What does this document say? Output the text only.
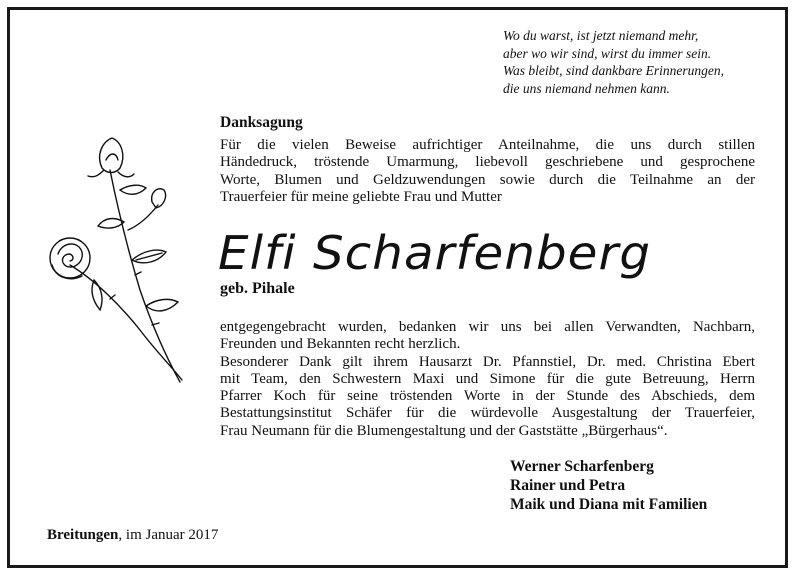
Wo du warst, ist jetzt niemand mehr,
aber wo wir sind, wirst du immer sein.
Was bleibt, sind dankbare Erinnerungen,
die uns niemand nehmen kann.
Danksagung
Für die vielen Beweise aufrichtiger Anteilnahme, die uns durch stillen
Händedruck, tröstende Umarmung, liebevoll geschriebene und gesprochene
Worte, Blumen und Geldzuwendungen sowie durch die Teilnahme an der
Trauerfeier für meine geliebte Frau und Mutter
Elfi Scharfenberg
geb. Pihale
entgegengebracht wurden, bedanken wir uns bei allen Verwandten, Nachbarn,
Freunden und Bekannten recht herzlich.
Besonderer Dank gilt ihrem Hausarzt Dr. Pfannstiel, Dr. med. Christina Ebert
mit Team, den Schwestern Maxi und Simone für die gute Betreuung, Herrn
Pfarrer Koch für seine tröstenden Worte in der Stunde des Abschieds, dem
Bestattungsinstitut Schäfer für die würdevolle Ausgestaltung der Trauerfeier,
Frau Neumann für die Blumengestaltung und der Gaststätte „Bürgerhaus“.
Werner Scharfenberg
Rainer und Petra
Maik und Diana mit Familien
Breitungen, im Januar 2017
